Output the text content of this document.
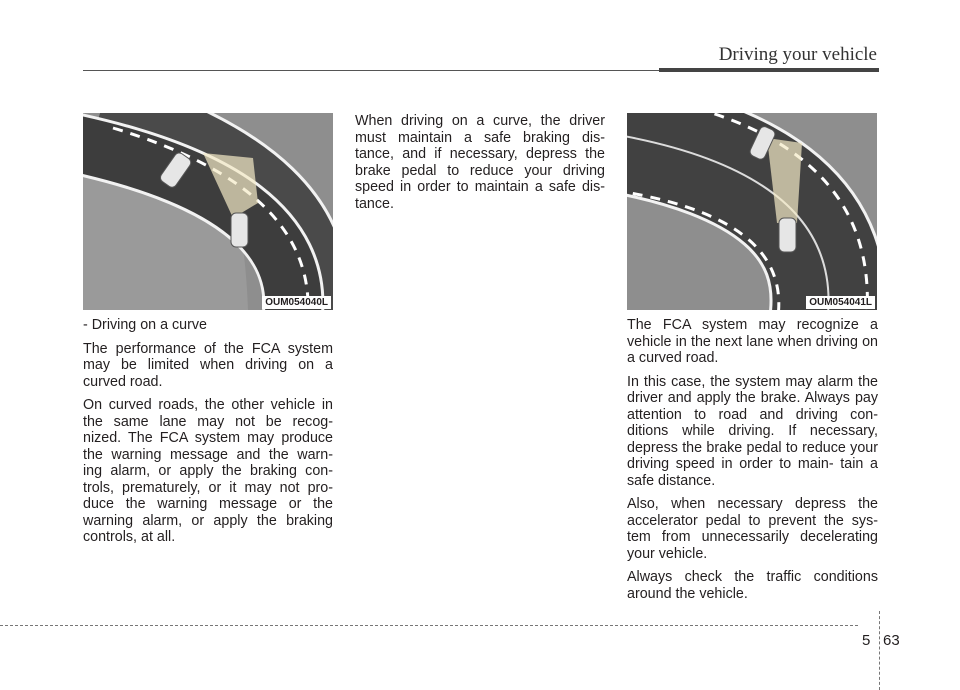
Driving your vehicle
OUM054040L	OUM054041L

- Driving on a curve

The performance of the FCA system may be limited when driving on a curved road.

On curved roads, the other vehicle in the same lane may not be recog- nized. The FCA system may produce the warning message and the warn- ing alarm, or apply the braking con- trols, prematurely, or it may not pro- duce the warning message or the warning alarm, or apply the braking controls, at all.

When driving on a curve, the driver must maintain a safe braking dis- tance, and if necessary, depress the brake pedal to reduce your driving speed in order to maintain a safe dis- tance.

The FCA system may recognize a vehicle in the next lane when driving on a curved road.

In this case, the system may alarm the driver and apply the brake. Always pay attention to road and driving con- ditions while driving. If necessary, depress the brake pedal to reduce your driving speed in order to main- tain a safe distance.

Also, when necessary depress the accelerator pedal to prevent the sys- tem from unnecessarily decelerating your vehicle.

Always check the traffic conditions around the vehicle.

5 63
